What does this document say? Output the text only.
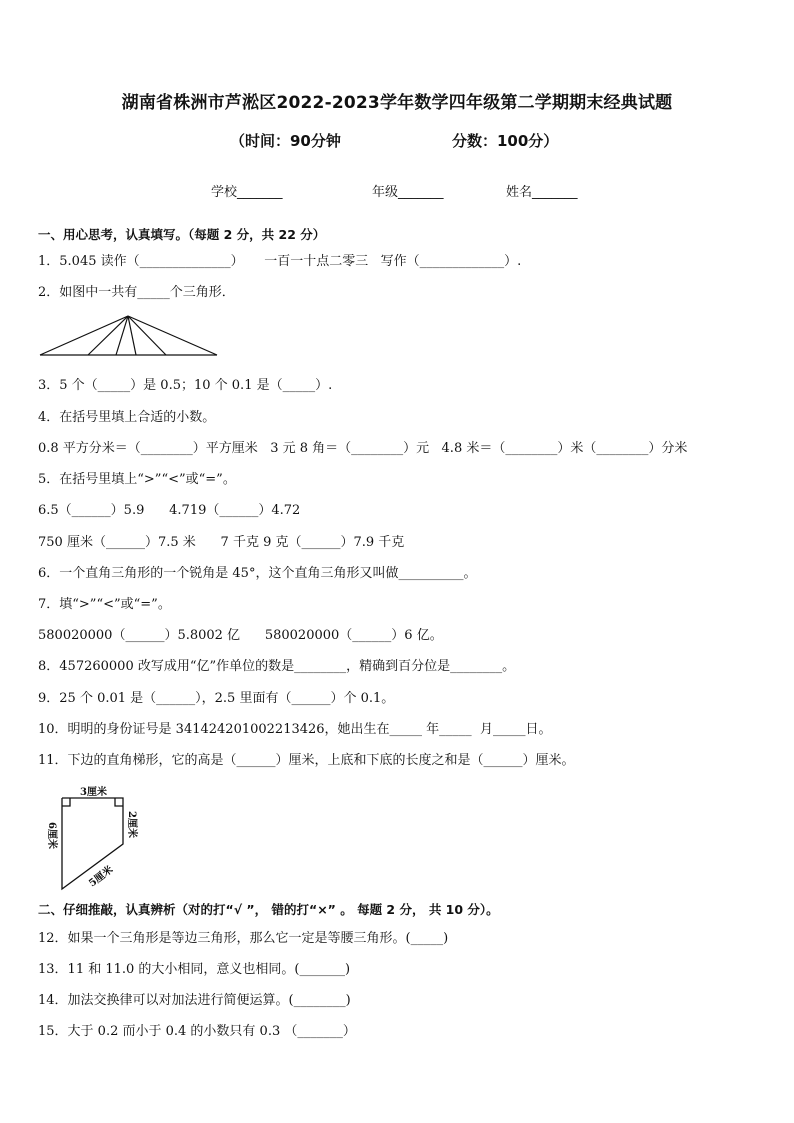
湖南省株洲市芦淞区2022-2023学年数学四年级第二学期期末经典试题
（时间：90分钟	分数：100分）
学校_______	年级_______	姓名_______
一、用心思考，认真填写。（每题 2 分，共 22 分）
1．5.045 读作（______________）     一百一十点二零三   写作（_____________）.
2．如图中一共有_____个三角形．
3．5 个（_____）是 0.5；10 个 0.1 是（_____）.
4．在括号里填上合适的小数。
0.8 平方分米＝（________）平方厘米   3 元 8 角＝（________）元   4.8 米＝（________）米（________）分米
5．在括号里填上“>”“<”或“=”。
6.5（______）5.9      4.719（______）4.72
750 厘米（______）7.5 米      7 千克 9 克（______）7.9 千克
6．一个直角三角形的一个锐角是 45°，这个直角三角形又叫做__________。
7．填“>”“<”或“=”。
580020000（______）5.8002 亿      580020000（______）6 亿。
8．457260000 改写成用“亿”作单位的数是________，精确到百分位是________。
9．25 个 0.01 是（______），2.5 里面有（______）个 0.1。
10．明明的身份证号是 341424201002213426，她出生在_____ 年_____  月_____日。
11．下边的直角梯形，它的高是（______）厘米，上底和下底的长度之和是（______）厘米。
3厘米
6厘米	2厘米
5厘米
二、仔细推敲，认真辨析（对的打“√ ”， 错的打“×” 。 每题 2 分， 共 10 分）。
12．如果一个三角形是等边三角形，那么它一定是等腰三角形。(_____)
13．11 和 11.0 的大小相同，意义也相同。(_______)
14．加法交换律可以对加法进行简便运算。(________)
15．大于 0.2 而小于 0.4 的小数只有 0.3 （_______）
